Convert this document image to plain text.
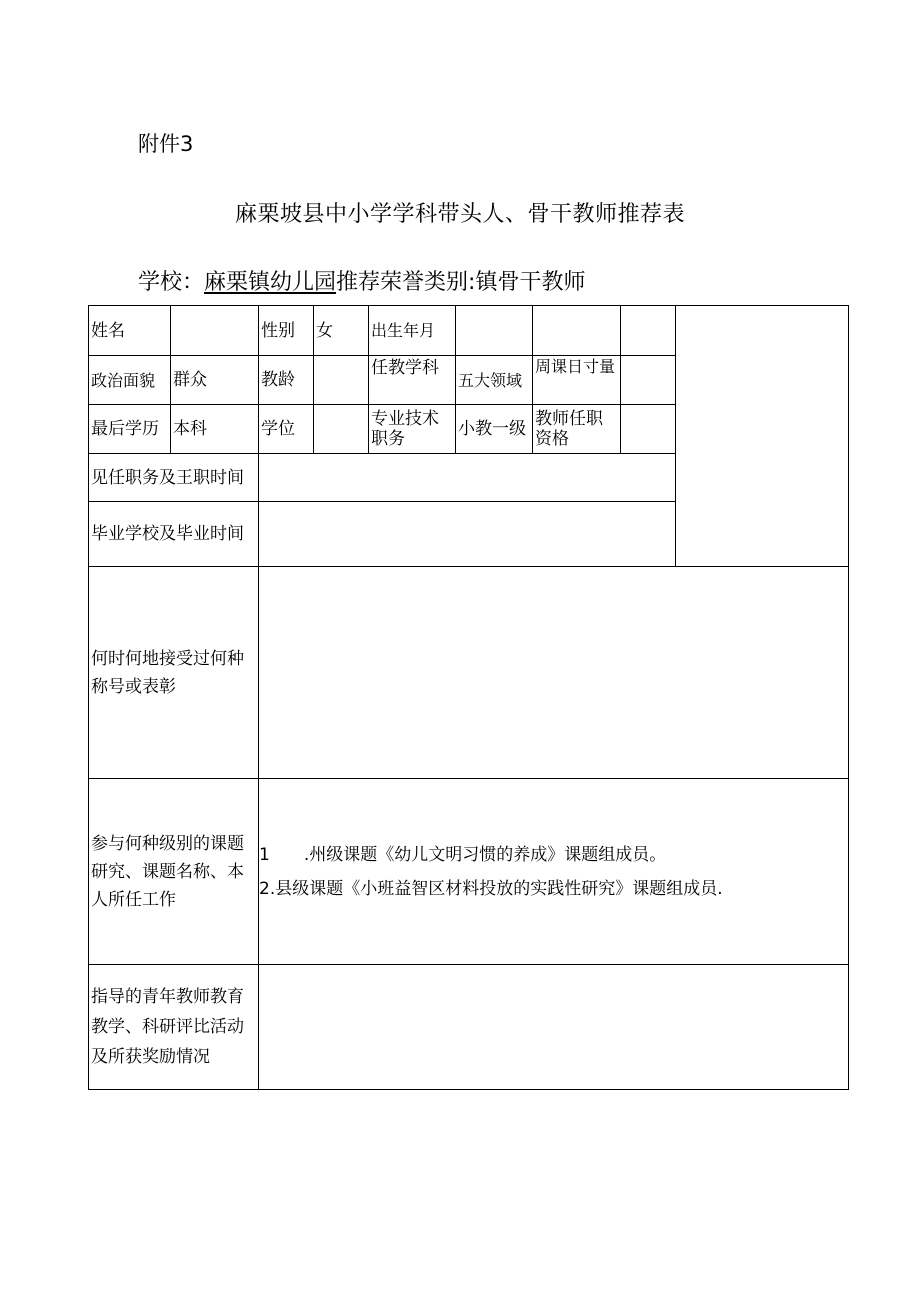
附件3
麻栗坡县中小学学科带头人、骨干教师推荐表
学校：麻栗镇幼儿园推荐荣誉类别:镇骨干教师
姓名		性别	女	出生年月				
政治面貌	群众	教龄		任教学科	五大领域	周课日寸量		
最后学历	本科	学位		专业技术职务	小教一级	教师任职资格		
见任职务及王职时间								
毕业学校及毕业时间								
何时何地接受过何种称号或表彰								
参与何种级别的课题研究、课题名称、本人所任工作		1　　.州级课题《幼儿文明习惯的养成》课题组成员。
2.县级课题《小班益智区材料投放的实践性研究》课题组成员.						

指导的青年教师教育教学、科研评比活动及所获奖励情况								
